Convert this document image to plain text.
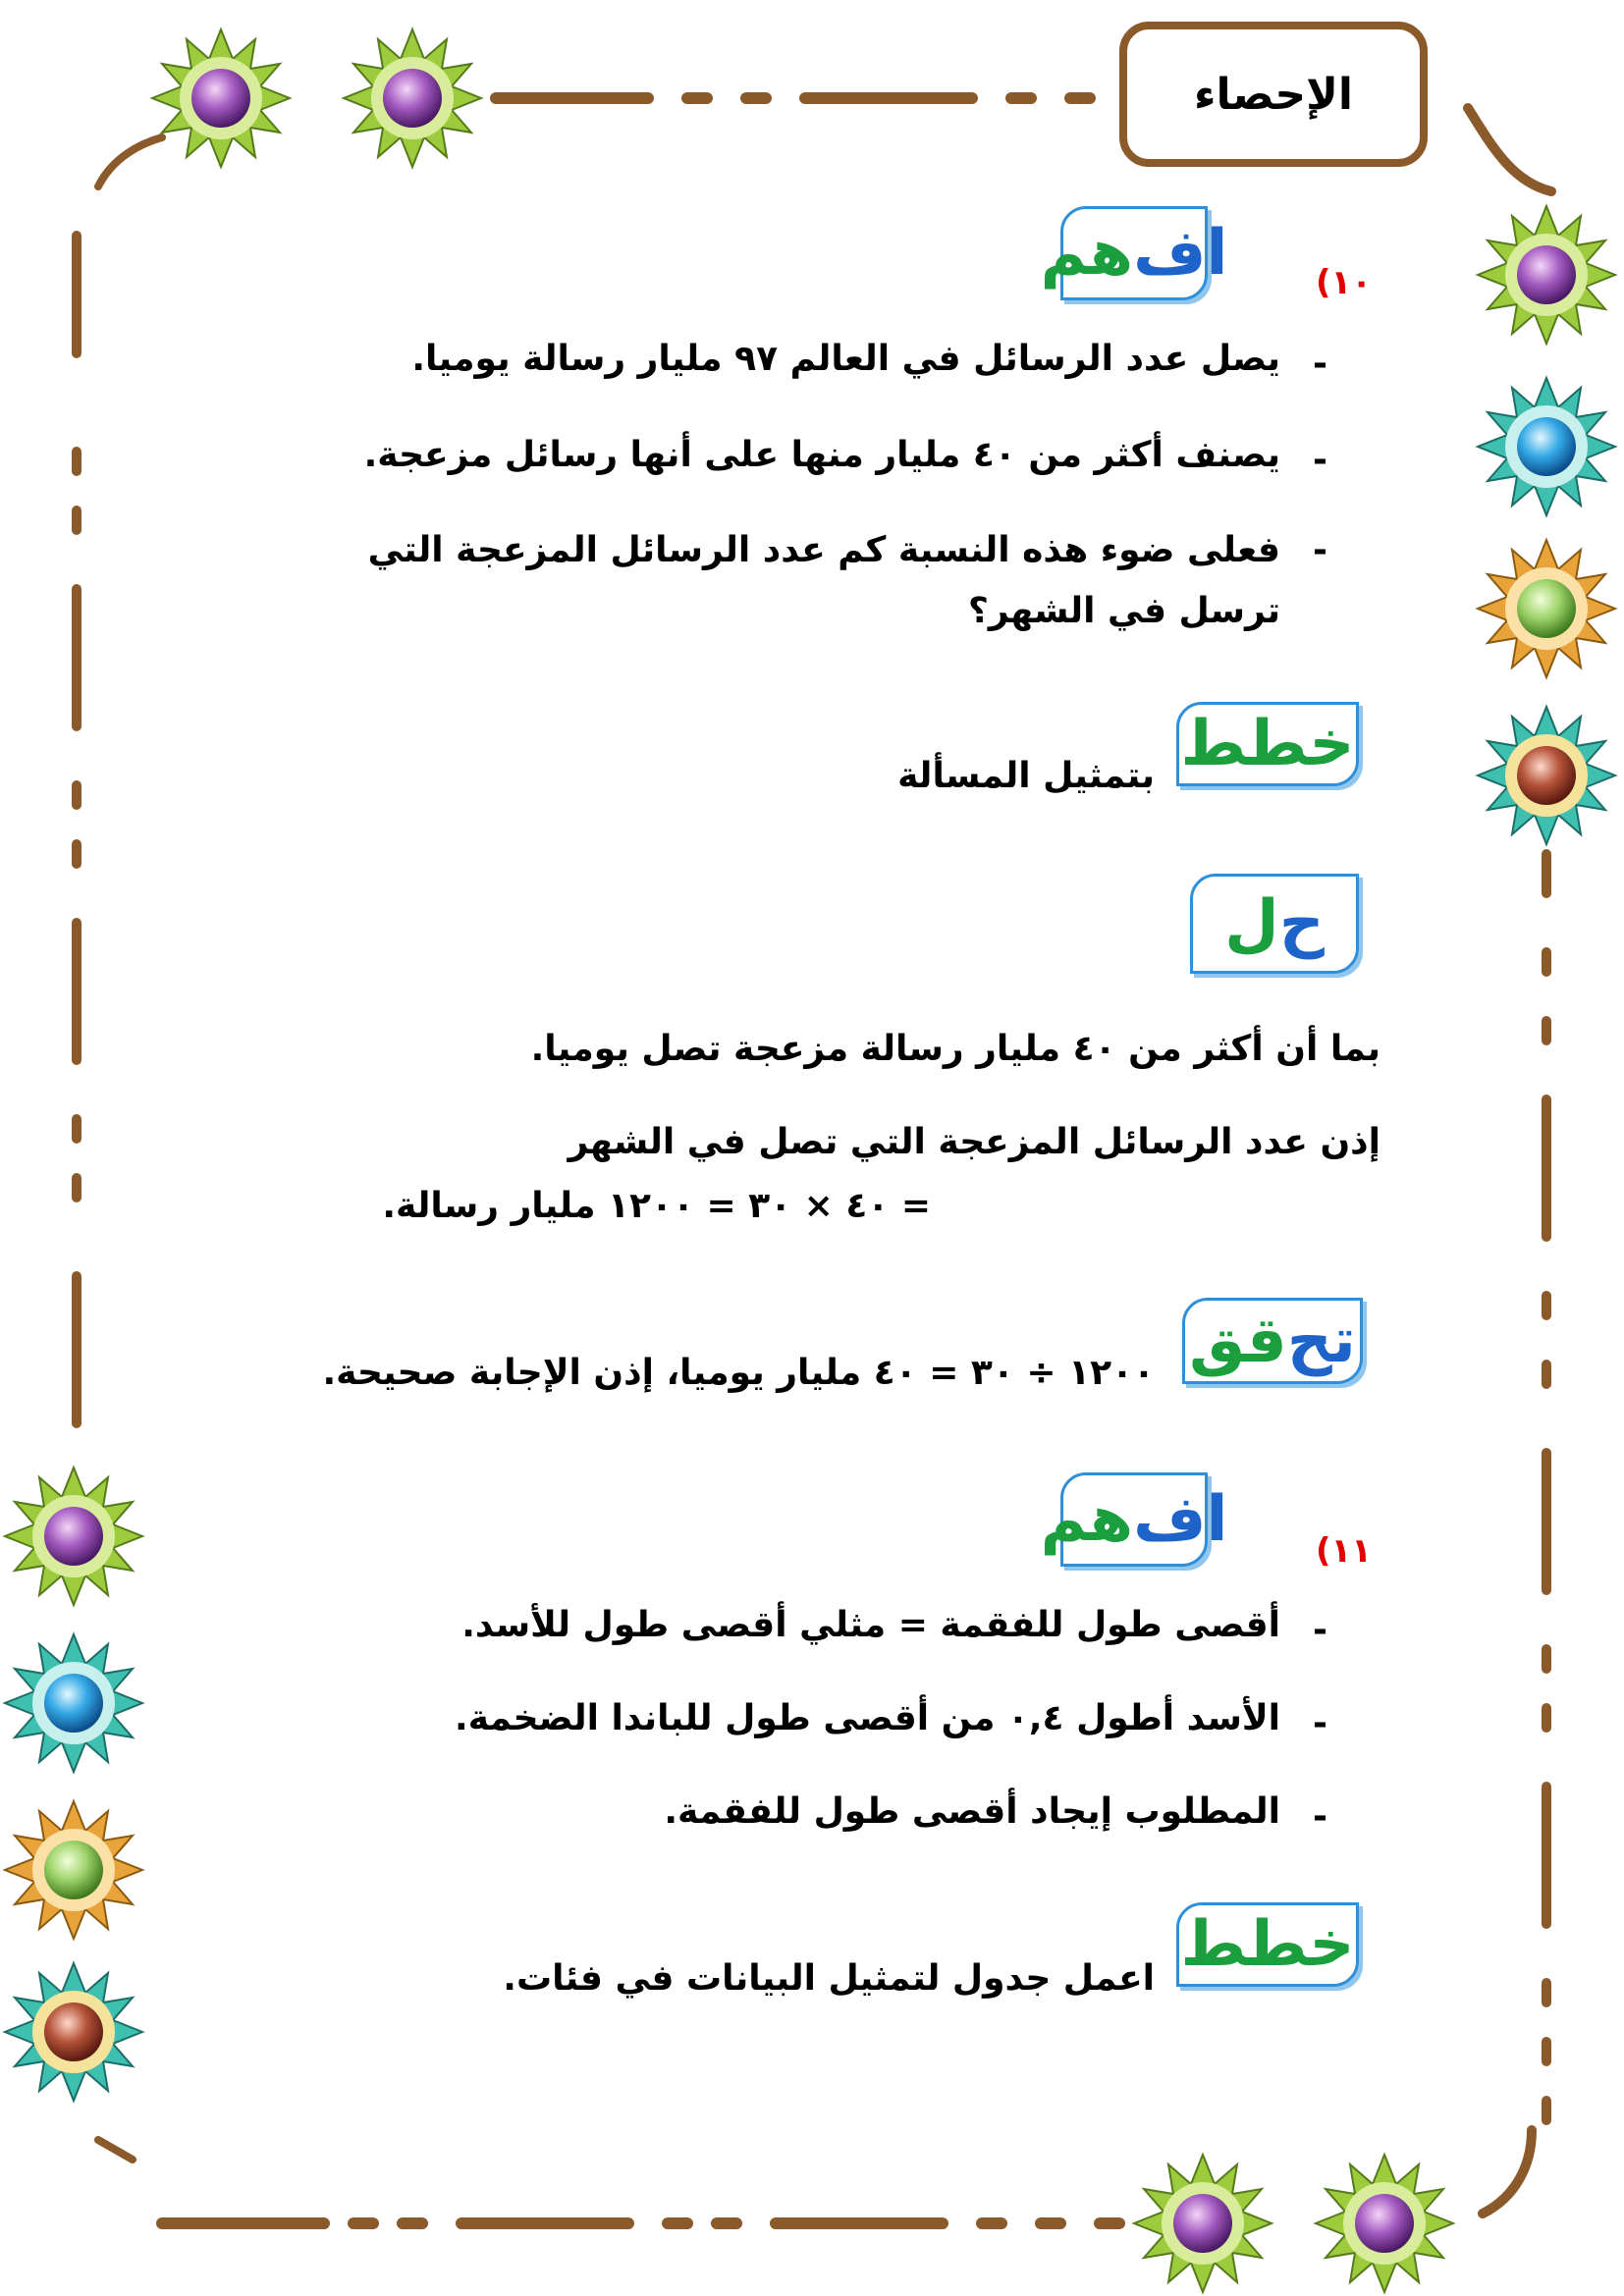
الإحصاء
اف
هم	١٠)
-
يصل عدد الرسائل في العالم ٩٧ مليار رسالة يوميا.
-
يصنف أكثر من ٤٠ مليار منها على أنها رسائل مزعجة.
-
فعلى ضوء هذه النسبة كم عدد الرسائل المزعجة التي ترسل في الشهر؟
خطط
بتمثيل المسألة
ح
ل
بما أن أكثر من ٤٠ مليار رسالة مزعجة تصل يوميا.
إذن عدد الرسائل المزعجة التي تصل في الشهر
= ٤٠ × ٣٠ = ١٢٠٠ مليار رسالة.
تح
قق
١٢٠٠ ÷ ٣٠ = ٤٠ مليار يوميا، إذن الإجابة صحيحة.
اف
هم	١١)
-
أقصى طول للفقمة = مثلي أقصى طول للأسد.
-
الأسد أطول ٠,٤ من أقصى طول للباندا الضخمة.
-
المطلوب إيجاد أقصى طول للفقمة.
خطط
اعمل جدول لتمثيل البيانات في فئات.
